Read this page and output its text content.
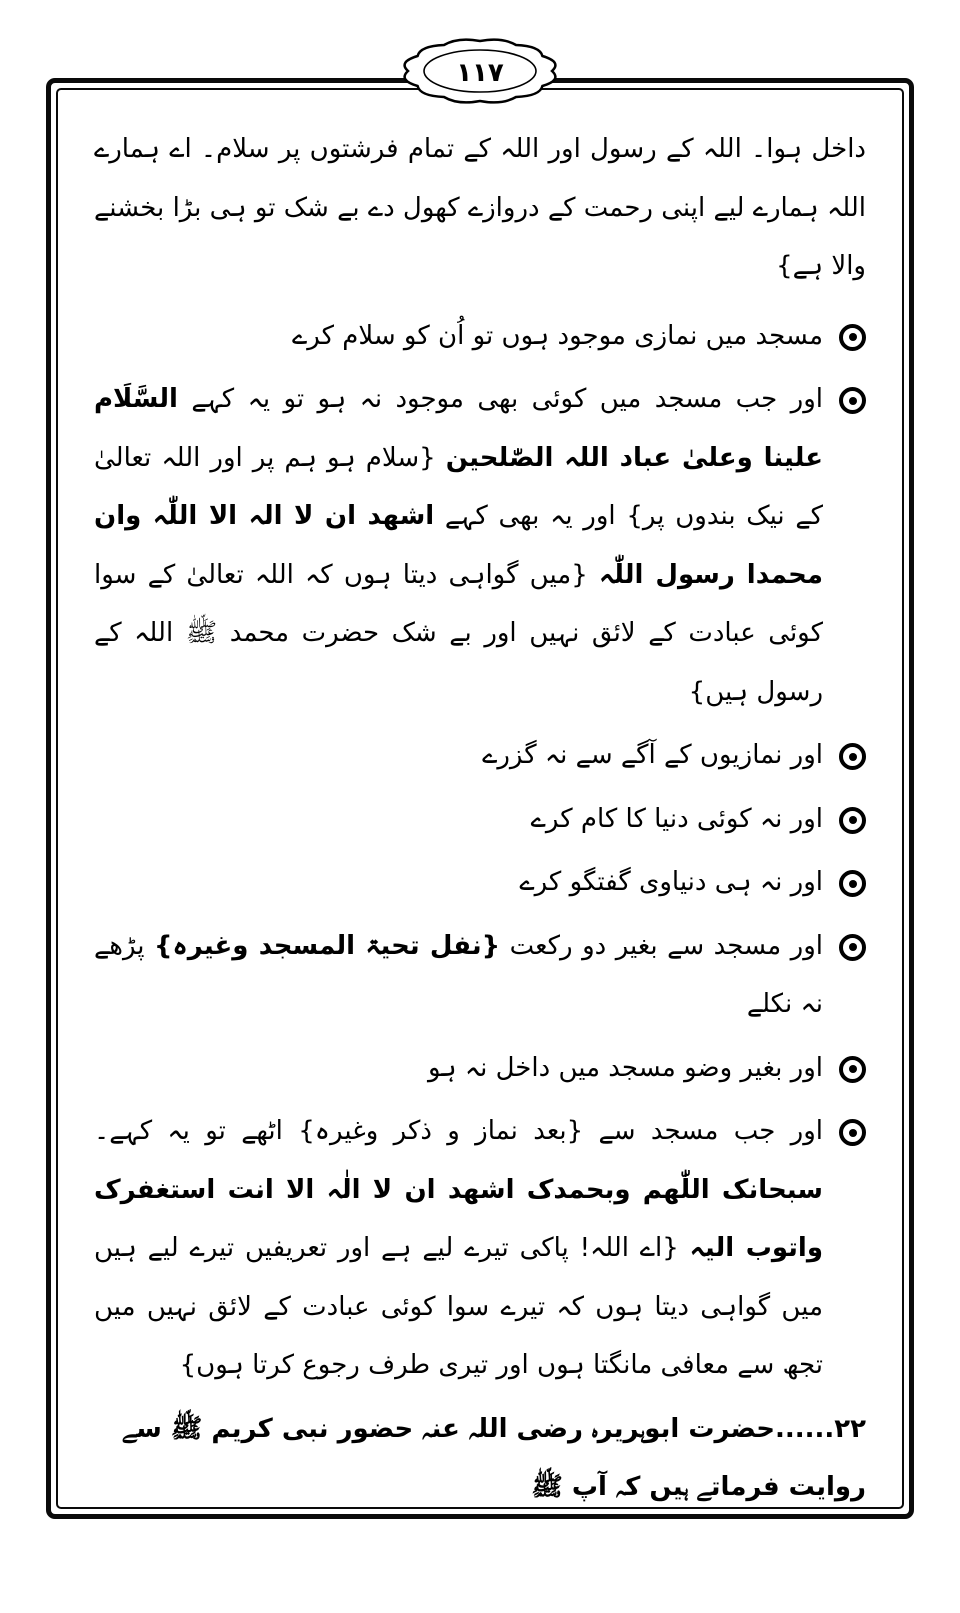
۱۱۷

داخل ہوا۔ اللہ کے رسول اور اللہ کے تمام فرشتوں پر سلام۔ اے ہمارے اللہ ہمارے لیے اپنی رحمت کے دروازے کھول دے بے شک تو ہی بڑا بخشنے والا ہے}

مسجد میں نمازی موجود ہوں تو اُن کو سلام کرے
اور جب مسجد میں کوئی بھی موجود نہ ہو تو یہ کہے السَّلَام علینا وعلیٰ عباد اللہ الصّٰلحین {سلام ہو ہم پر اور اللہ تعالیٰ کے نیک بندوں پر} اور یہ بھی کہے اشھد ان لا الہ الا اللّٰہ وان محمدا رسول اللّٰہ {میں گواہی دیتا ہوں کہ اللہ تعالیٰ کے سوا کوئی عبادت کے لائق نہیں اور بے شک حضرت محمد ﷺ اللہ کے رسول ہیں}
اور نمازیوں کے آگے سے نہ گزرے
اور نہ کوئی دنیا کا کام کرے
اور نہ ہی دنیاوی گفتگو کرے
اور مسجد سے بغیر دو رکعت {نفل تحیۃ المسجد وغیرہ} پڑھے نہ نکلے
اور بغیر وضو مسجد میں داخل نہ ہو
اور جب مسجد سے {بعد نماز و ذکر وغیرہ} اٹھے تو یہ کہے۔ سبحانک اللّٰھم وبحمدک اشھد ان لا الٰہ الا انت استغفرک واتوب الیہ {اے اللہ! پاکی تیرے لیے ہے اور تعریفیں تیرے لیے ہیں میں گواہی دیتا ہوں کہ تیرے سوا کوئی عبادت کے لائق نہیں میں تجھ سے معافی مانگتا ہوں اور تیری طرف رجوع کرتا ہوں}

۲۲......حضرت ابوہریرہ رضی اللہ عنہ حضور نبی کریم ﷺ سے روایت فرماتے ہیں کہ آپ ﷺ
